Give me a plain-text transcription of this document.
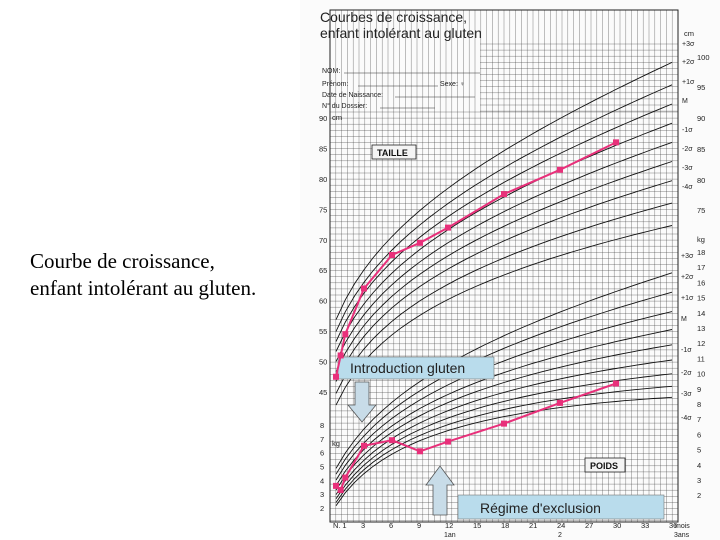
Courbe de croissance, enfant intolérant au gluten.
Courbes de croissance,
enfant intolérant au gluten
NOM:
Prénom:	Sexe: ♀
Date de Naissance:
N° du Dossier:
90
85
80
75
70
65
60
55
50
45
cm
cm
100
95
90
85
80
75
+3σ
+2σ
+1σ
M
-1σ
-2σ
-3σ
-4σ
8
7
6
5
4
3
2
kg
kg
18
17
16
15
14
13
12
11
10
9
8
7
6
5
4
3
2
+3σ
+2σ
+1σ
M
-1σ
-2σ
-3σ
-4σ
N. 1 3	6	9	12	15	18	21	24	27	30	33	36
1an	2	3ans
mois
TAILLE
POIDS
Introduction gluten
Régime d'exclusion
